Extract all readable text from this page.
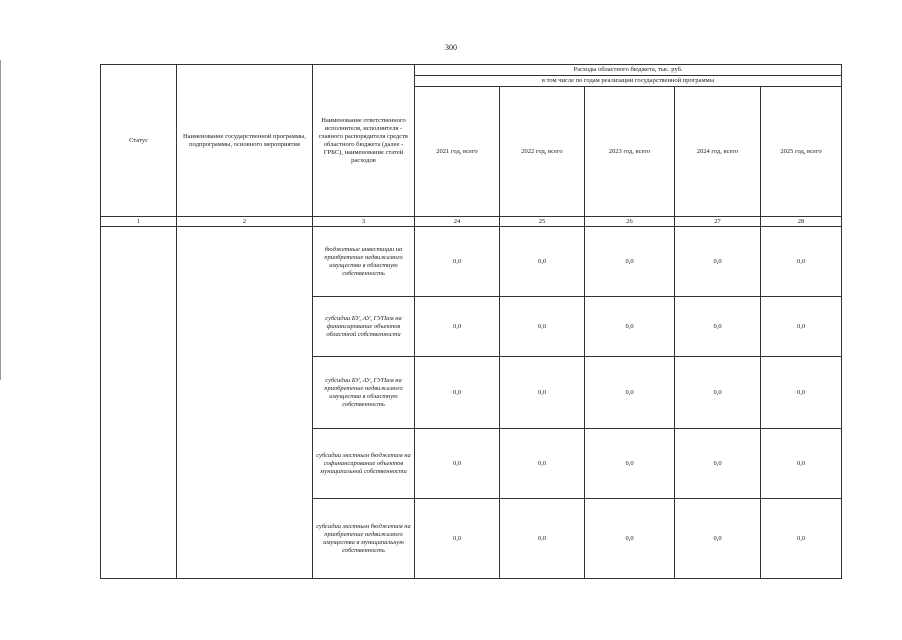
300
Статус	Наименование государственной программы, подпрограммы, основного мероприятия	Наименование ответственного исполнителя, исполнителя - главного распорядителя средств областного бюджета (далее - ГРБС), наименование статей расходов	Расходы областного бюджета, тыс. руб.				
			в том числе по годам реализации государственной программы				
			2021 год, всего	2022 год, всего	2023 год, всего	2024 год, всего	2025 год, всего
1	2	3	24	25	26	27	28
		бюджетные инвестиции на приобретение недвижимого имущества в областную собственность	0,0	0,0	0,0	0,0	0,0
		субсидии БУ, АУ, ГУПам на финансирование объектов областной собственности	0,0	0,0	0,0	0,0	0,0
		субсидии БУ, АУ, ГУПам на приобретение недвижимого имущества в областную собственность	0,0	0,0	0,0	0,0	0,0
		субсидии местным бюджетам на софинансирование объектов муниципальной собственности	0,0	0,0	0,0	0,0	0,0
		субсидии местным бюджетам на приобретение недвижимого имущества в муниципальную собственность	0,0	0,0	0,0	0,0	0,0
